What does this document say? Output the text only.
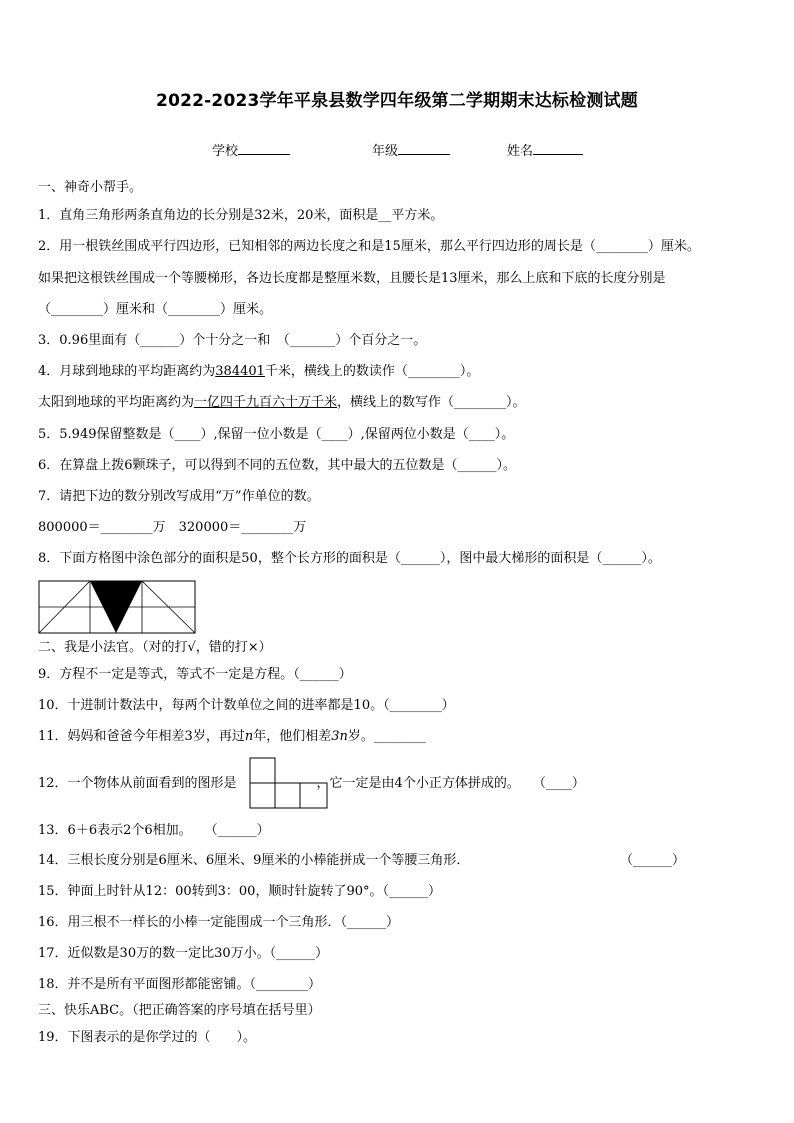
2022-2023学年平泉县数学四年级第二学期期末达标检测试题
学校	年级	姓名
一、神奇小帮手。
1．直角三角形两条直角边的长分别是32米，20米，面积是__平方米。
2．用一根铁丝围成平行四边形，已知相邻的两边长度之和是15厘米，那么平行四边形的周长是（________）厘米。
如果把这根铁丝围成一个等腰梯形，各边长度都是整厘米数，且腰长是13厘米，那么上底和下底的长度分别是
（________）厘米和（________）厘米。
3．0.96里面有（______）个十分之一和　（_______）个百分之一。
4．月球到地球的平均距离约为384401千米，横线上的数读作（________）。
太阳到地球的平均距离约为一亿四千九百六十万千米，横线上的数写作（________）。
5．5.949保留整数是（____）,保留一位小数是（____）,保留两位小数是（____）。
6．在算盘上拨6颗珠子，可以得到不同的五位数，其中最大的五位数是（______）。
7．请把下边的数分别改写成用“万”作单位的数。
800000＝________万　320000＝________万
8．下面方格图中涂色部分的面积是50，整个长方形的面积是（______），图中最大梯形的面积是（______）。
二、我是小法官。（对的打√，错的打×）
9．方程不一定是等式，等式不一定是方程。（______）
10．十进制计数法中，每两个计数单位之间的进率都是10。（________）
11．妈妈和爸爸今年相差3岁，再过n年，他们相差3n岁。________
12．一个物体从前面看到的图形是	，它一定是由4个小正方体拼成的。　　（____）
13．6＋6表示2个6相加。　　（______）
14．三根长度分别是6厘米、6厘米、9厘米的小棒能拼成一个等腰三角形．	（______）
15．钟面上时针从12：00转到3：00，顺时针旋转了90°。（______）
16．用三根不一样长的小棒一定能围成一个三角形．（______）
17．近似数是30万的数一定比30万小。（______）
18．并不是所有平面图形都能密铺。（________）
三、快乐ABC。（把正确答案的序号填在括号里）
19．下图表示的是你学过的（　　）。
